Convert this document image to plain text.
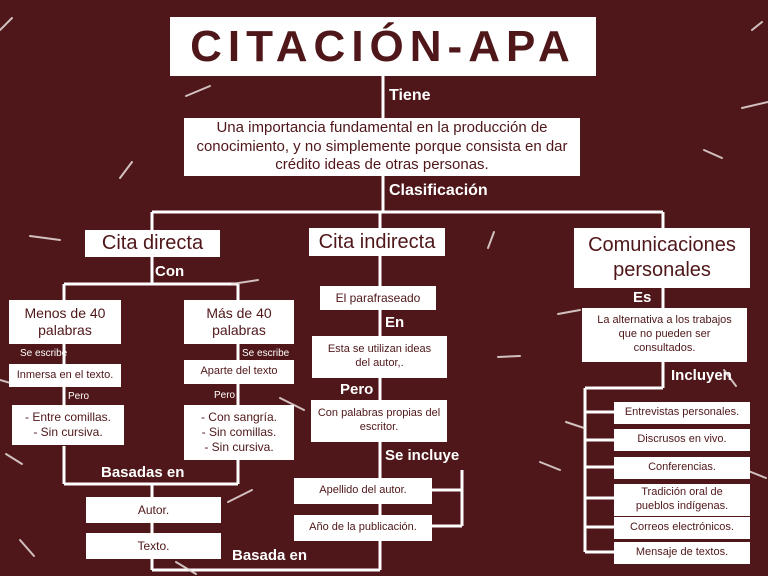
CITACIÓN-APA
Tiene
Una importancia fundamental en la producción de conocimiento, y no simplemente porque consista en dar crédito ideas de otras personas.
Clasificación
Cita directa
Con
Menos de 40 palabras
Más de 40 palabras
Se escribe	Se escribe
Inmersa en el texto.	Aparte del texto
Pero	Pero
- Entre comillas.
- Sin cursiva.
- Con sangría.
- Sin comillas.
- Sin cursiva.
Basadas en
Autor.
Texto.
Basada en
Cita indirecta
El parafraseado
En
Esta se utilizan ideas del autor,.
Pero
Con palabras propias del escritor.
Se incluye
Apellido del autor.
Año de la publicación.
Comunicaciones personales
Es
La alternativa a los trabajos que no pueden ser consultados.
Incluyen
Entrevistas personales.
Discrusos en vivo.
Conferencias.
Tradición oral de pueblos indígenas.
Correos electrónicos.
Mensaje de textos.
